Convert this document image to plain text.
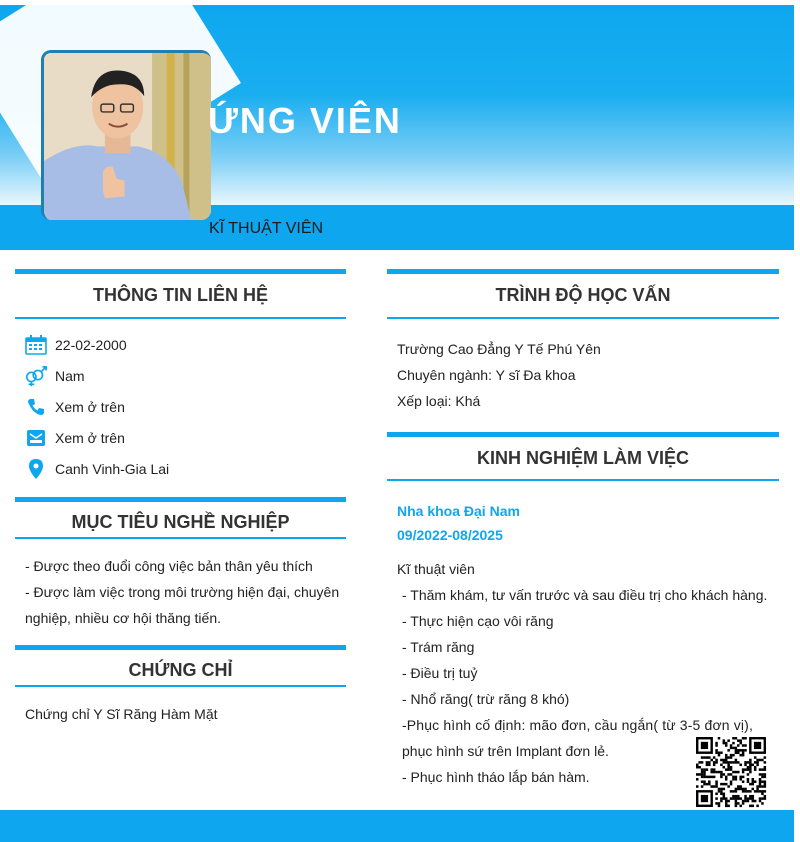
ỨNG VIÊN
KĨ THUẬT VIÊN
THÔNG TIN LIÊN HỆ
22-02-2000
Nam
Xem ở trên
Xem ở trên
Canh Vinh-Gia Lai
MỤC TIÊU NGHỀ NGHIỆP
- Được theo đuổi công việc bản thân yêu thích
- Được làm việc trong môi trường hiện đại, chuyên
nghiệp, nhiều cơ hội thăng tiến.
CHỨNG CHỈ
Chứng chỉ Y Sĩ Răng Hàm Mặt
TRÌNH ĐỘ HỌC VẤN
Trường Cao Đẳng Y Tế Phú Yên
Chuyên ngành: Y sĩ Đa khoa
Xếp loại: Khá
KINH NGHIỆM LÀM VIỆC
Nha khoa Đại Nam
09/2022-08/2025
Kĩ thuật viên
- Thăm khám, tư vấn trước và sau điều trị cho khách hàng.
- Thực hiện cạo vôi răng
- Trám răng
- Điều trị tuỷ
- Nhổ răng( trừ răng 8 khó)
-Phục hình cố định: mão đơn, cầu ngắn( từ 3-5 đơn vị),
phục hình sứ trên Implant đơn lẻ.
- Phục hình tháo lắp bán hàm.
